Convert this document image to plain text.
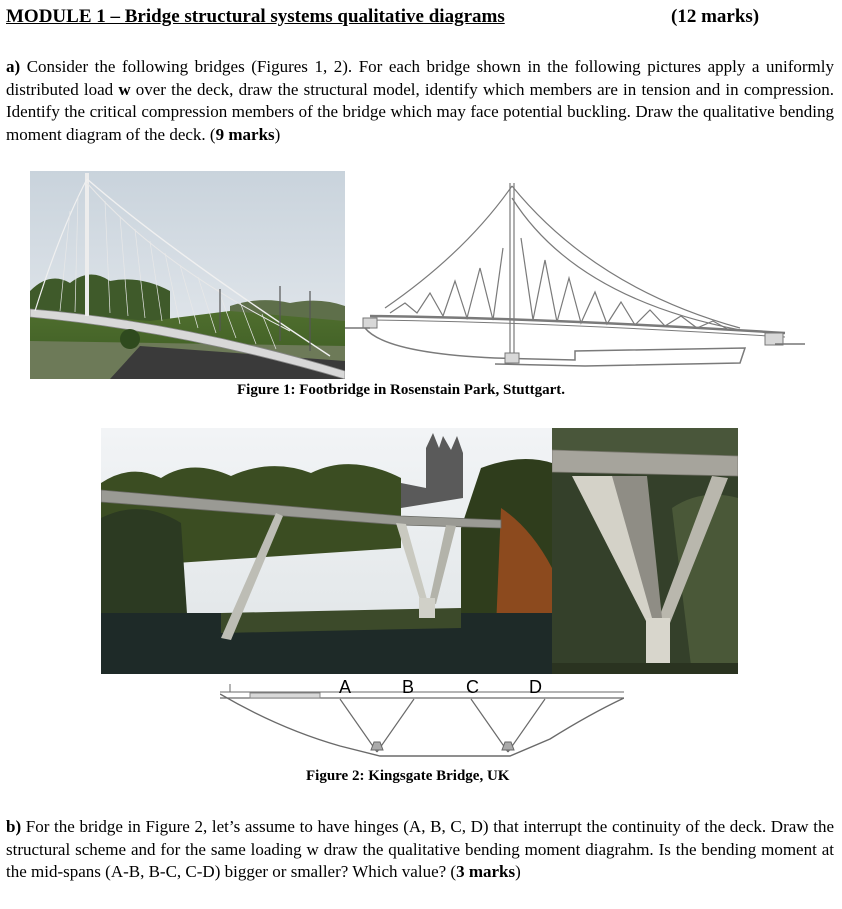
MODULE 1 – Bridge structural systems qualitative diagrams	(12 marks)
a) Consider the following bridges (Figures 1, 2). For each bridge shown in the following pictures apply a uniformly distributed load w over the deck, draw the structural model, identify which members are in tension and in compression. Identify the critical compression members of the bridge which may face potential buckling. Draw the qualitative bending moment diagram of the deck. (9 marks)
Figure 1: Footbridge in Rosenstain Park, Stuttgart.
A	B	C	D
Figure 2: Kingsgate Bridge, UK
b) For the bridge in Figure 2, let’s assume to have hinges (A, B, C, D) that interrupt the continuity of the deck. Draw the structural scheme and for the same loading w draw the qualitative bending moment diagrahm. Is the bending moment at the mid-spans (A-B, B-C, C-D) bigger or smaller? Which value? (3 marks)
